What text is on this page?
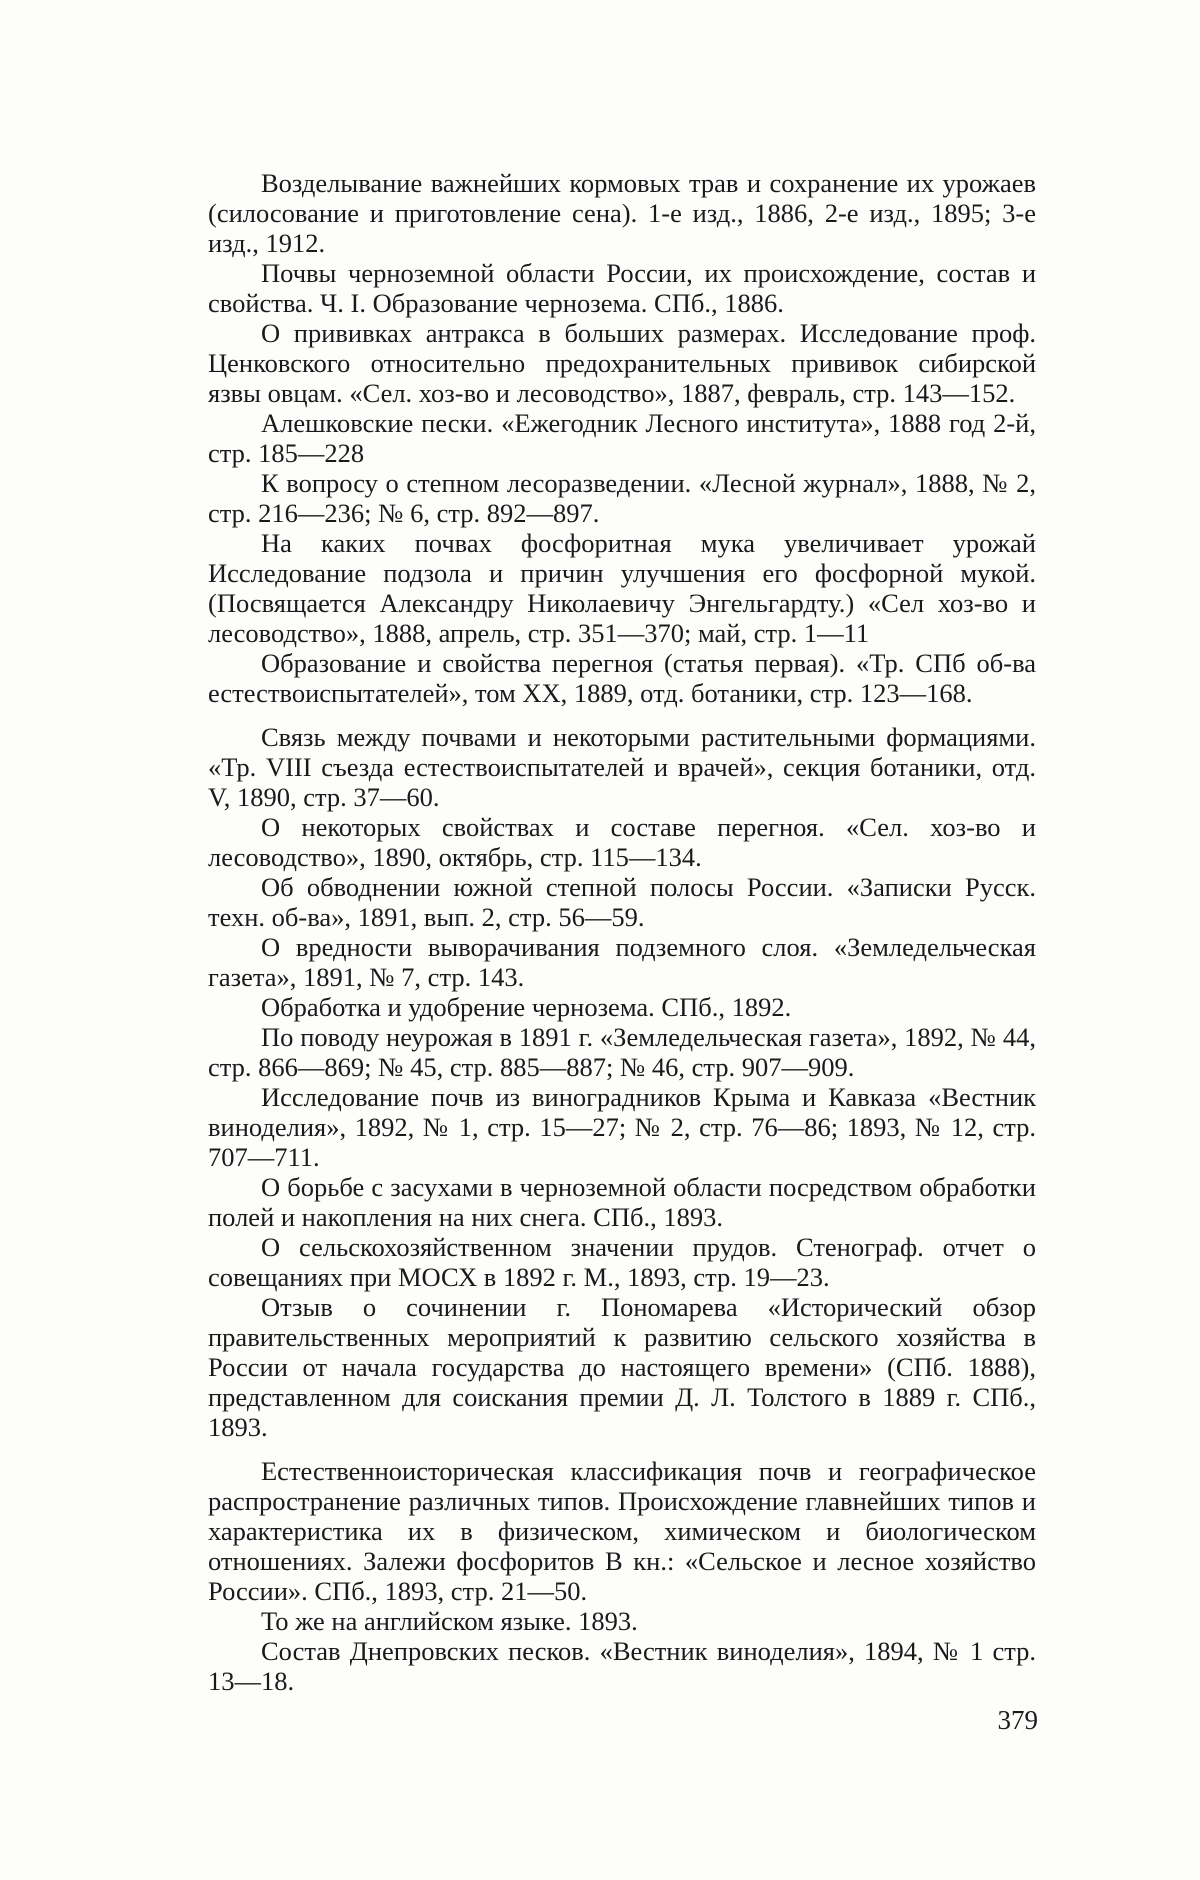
Возделывание важнейших кормовых трав и сохранение их урожаев (силосование и приготовление сена). 1-е изд., 1886, 2-е изд., 1895; 3-е изд., 1912.

Почвы черноземной области России, их происхождение, состав и свойства. Ч. I. Образование чернозема. СПб., 1886.

О прививках антракса в больших размерах. Исследование проф. Ценковского относительно предохранительных прививок сибирской язвы овцам. «Сел. хоз-во и лесоводство», 1887, февраль, стр. 143—152.

Алешковские пески. «Ежегодник Лесного института», 1888 год 2-й, стр. 185—228

К вопросу о степном лесоразведении. «Лесной журнал», 1888, № 2, стр. 216—236; № 6, стр. 892—897.

На каких почвах фосфоритная мука увеличивает урожай Исследование подзола и причин улучшения его фосфорной мукой. (Посвящается Александру Николаевичу Энгельгардту.) «Сел хоз-во и лесоводство», 1888, апрель, стр. 351—370; май, стр. 1—11

Образование и свойства перегноя (статья первая). «Тр. СПб об-ва естествоиспытателей», том XX, 1889, отд. ботаники, стр. 123—168.

Связь между почвами и некоторыми растительными формациями. «Тр. VIII съезда естествоиспытателей и врачей», секция ботаники, отд. V, 1890, стр. 37—60.

О некоторых свойствах и составе перегноя. «Сел. хоз-во и лесоводство», 1890, октябрь, стр. 115—134.

Об обводнении южной степной полосы России. «Записки Русск. техн. об-ва», 1891, вып. 2, стр. 56—59.

О вредности выворачивания подземного слоя. «Земледельческая газета», 1891, № 7, стр. 143.

Обработка и удобрение чернозема. СПб., 1892.

По поводу неурожая в 1891 г. «Земледельческая газета», 1892, № 44, стр. 866—869; № 45, стр. 885—887; № 46, стр. 907—909.

Исследование почв из виноградников Крыма и Кавказа «Вестник виноделия», 1892, № 1, стр. 15—27; № 2, стр. 76—86; 1893, № 12, стр. 707—711.

О борьбе с засухами в черноземной области посредством обработки полей и накопления на них снега. СПб., 1893.

О сельскохозяйственном значении прудов. Стенограф. отчет о совещаниях при МОСХ в 1892 г. М., 1893, стр. 19—23.

Отзыв о сочинении г. Пономарева «Исторический обзор правительственных мероприятий к развитию сельского хозяйства в России от начала государства до настоящего времени» (СПб. 1888), представленном для соискания премии Д. Л. Толстого в 1889 г. СПб., 1893.

Естественноисторическая классификация почв и географическое распространение различных типов. Происхождение главнейших типов и характеристика их в физическом, химическом и биологическом отношениях. Залежи фосфоритов В кн.: «Сельское и лесное хозяйство России». СПб., 1893, стр. 21—50.

То же на английском языке. 1893.

Состав Днепровских песков. «Вестник виноделия», 1894, № 1 стр. 13—18.

379
